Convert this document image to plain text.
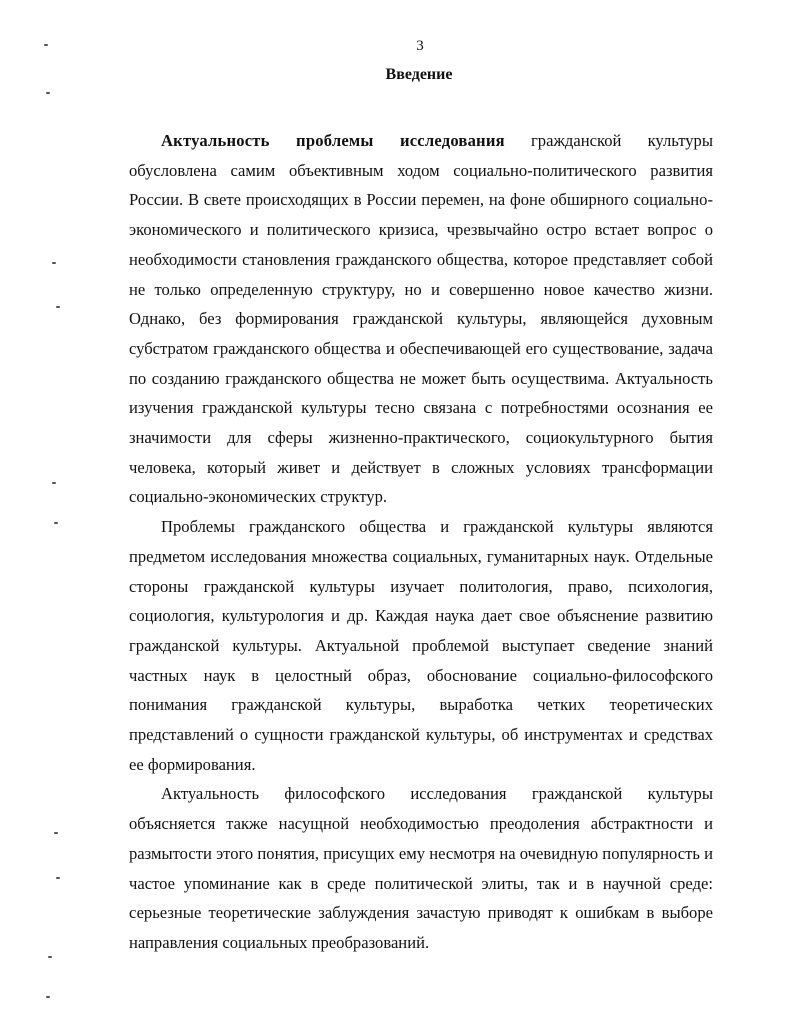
3
Введение

Актуальность проблемы исследования гражданской культуры обусловлена самим объективным ходом социально-политического развития России. В свете происходящих в России перемен, на фоне обширного социально-экономического и политического кризиса, чрезвычайно остро встает вопрос о необходимости становления гражданского общества, которое представляет собой не только определенную структуру, но и совершенно новое качество жизни. Однако, без формирования гражданской культуры, являющейся духовным субстратом гражданского общества и обеспечивающей его существование, задача по созданию гражданского общества не может быть осуществима. Актуальность изучения гражданской культуры тесно связана с потребностями осознания ее значимости для сферы жизненно-практического, социокультурного бытия человека, который живет и действует в сложных условиях трансформации социально-экономических структур.

Проблемы гражданского общества и гражданской культуры являются предметом исследования множества социальных, гуманитарных наук. Отдельные стороны гражданской культуры изучает политология, право, психология, социология, культурология и др. Каждая наука дает свое объяснение развитию гражданской культуры. Актуальной проблемой выступает сведение знаний частных наук в целостный образ, обоснование социально-философского понимания гражданской культуры, выработка четких теоретических представлений о сущности гражданской культуры, об инструментах и средствах ее формирования.

Актуальность философского исследования гражданской культуры объясняется также насущной необходимостью преодоления абстрактности и размытости этого понятия, присущих ему несмотря на очевидную популярность и частое упоминание как в среде политической элиты, так и в научной среде: серьезные теоретические заблуждения зачастую приводят к ошибкам в выборе направления социальных преобразований.
